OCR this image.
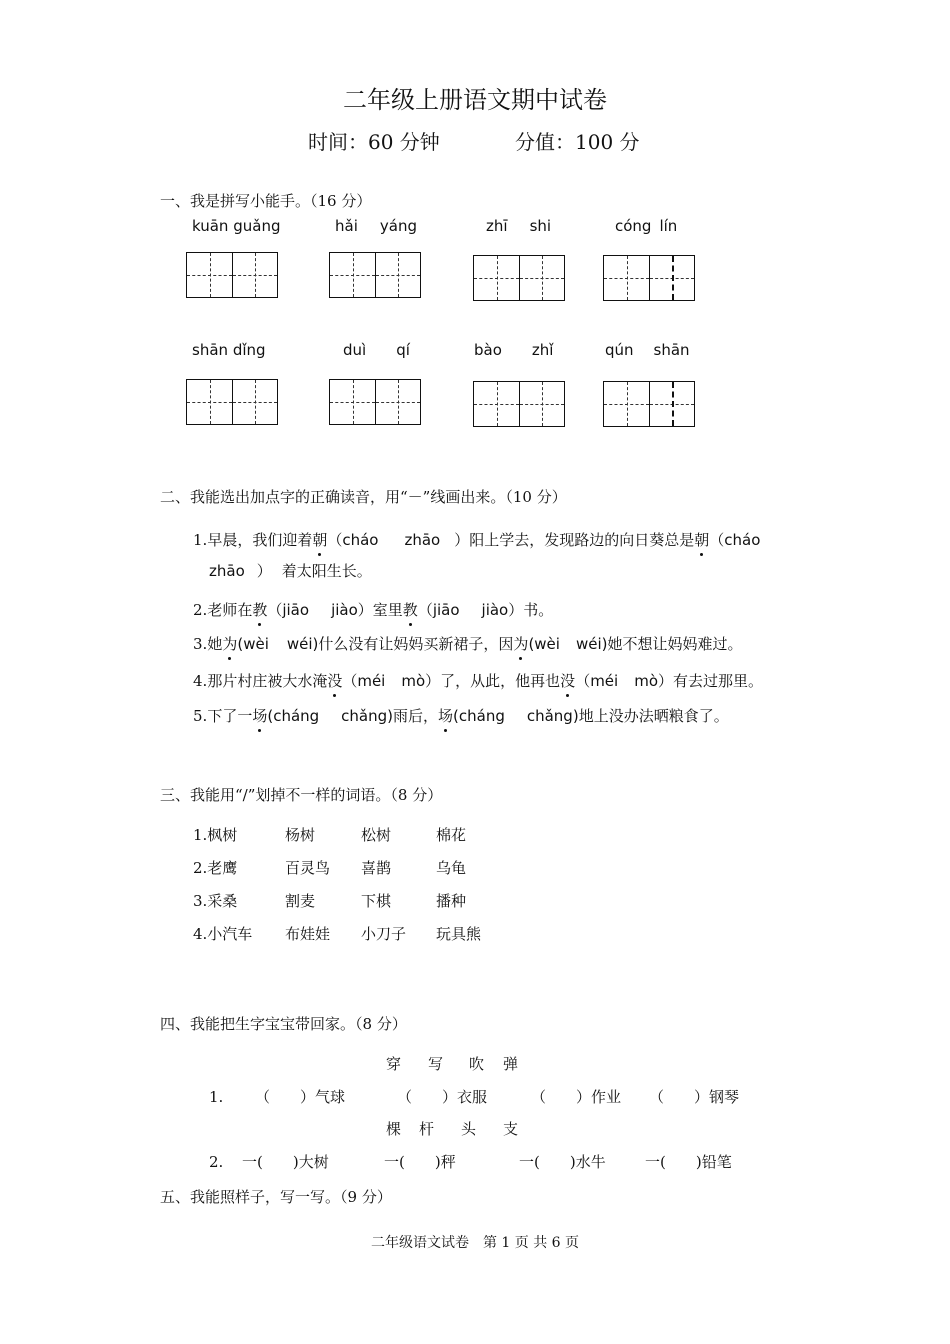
二年级上册语文期中试卷
时间：60 分钟	分值：100 分
一、我是拼写小能手。（16 分）
kuān guǎng	hǎi yáng	zhī shi	cóng lín
shān dǐng	duì qí	bào zhǐ	qún shān
二、我能选出加点字的正确读音，用“－”线画出来。（10 分）
1.早晨，我们迎着朝（cháo zhāo ）阳上学去，发现路边的向日葵总是朝（cháo
zhāo ） 着太阳生长。
2.老师在教（jiāo jiào）室里教（jiāo jiào）书。
3.她为(wèi wéi)什么没有让妈妈买新裙子，因为(wèi wéi)她不想让妈妈难过。
4.那片村庄被大水淹没（méi mò）了，从此，他再也没（méi mò）有去过那里。
5.下了一场(cháng chǎng)雨后，场(cháng chǎng)地上没办法晒粮食了。
三、我能用“/”划掉不一样的词语。（8 分）
1.枫树	杨树	松树	棉花
2.老鹰	百灵鸟 喜鹊	乌龟
3.采桑	割麦	下棋	播种
4.小汽车 布娃娃 小刀子 玩具熊
四、我能把生字宝宝带回家。（8 分）
穿 写 吹 弹
1. （　　）气球	（　　）衣服	（　　）作业 （　　）钢琴
棵 杆 头 支
2. 一(　　)大树	一(　　)秤	一(　　)水牛	一(　　)铅笔
五、我能照样子，写一写。（9 分）
二年级语文试卷　第 1 页 共 6 页
